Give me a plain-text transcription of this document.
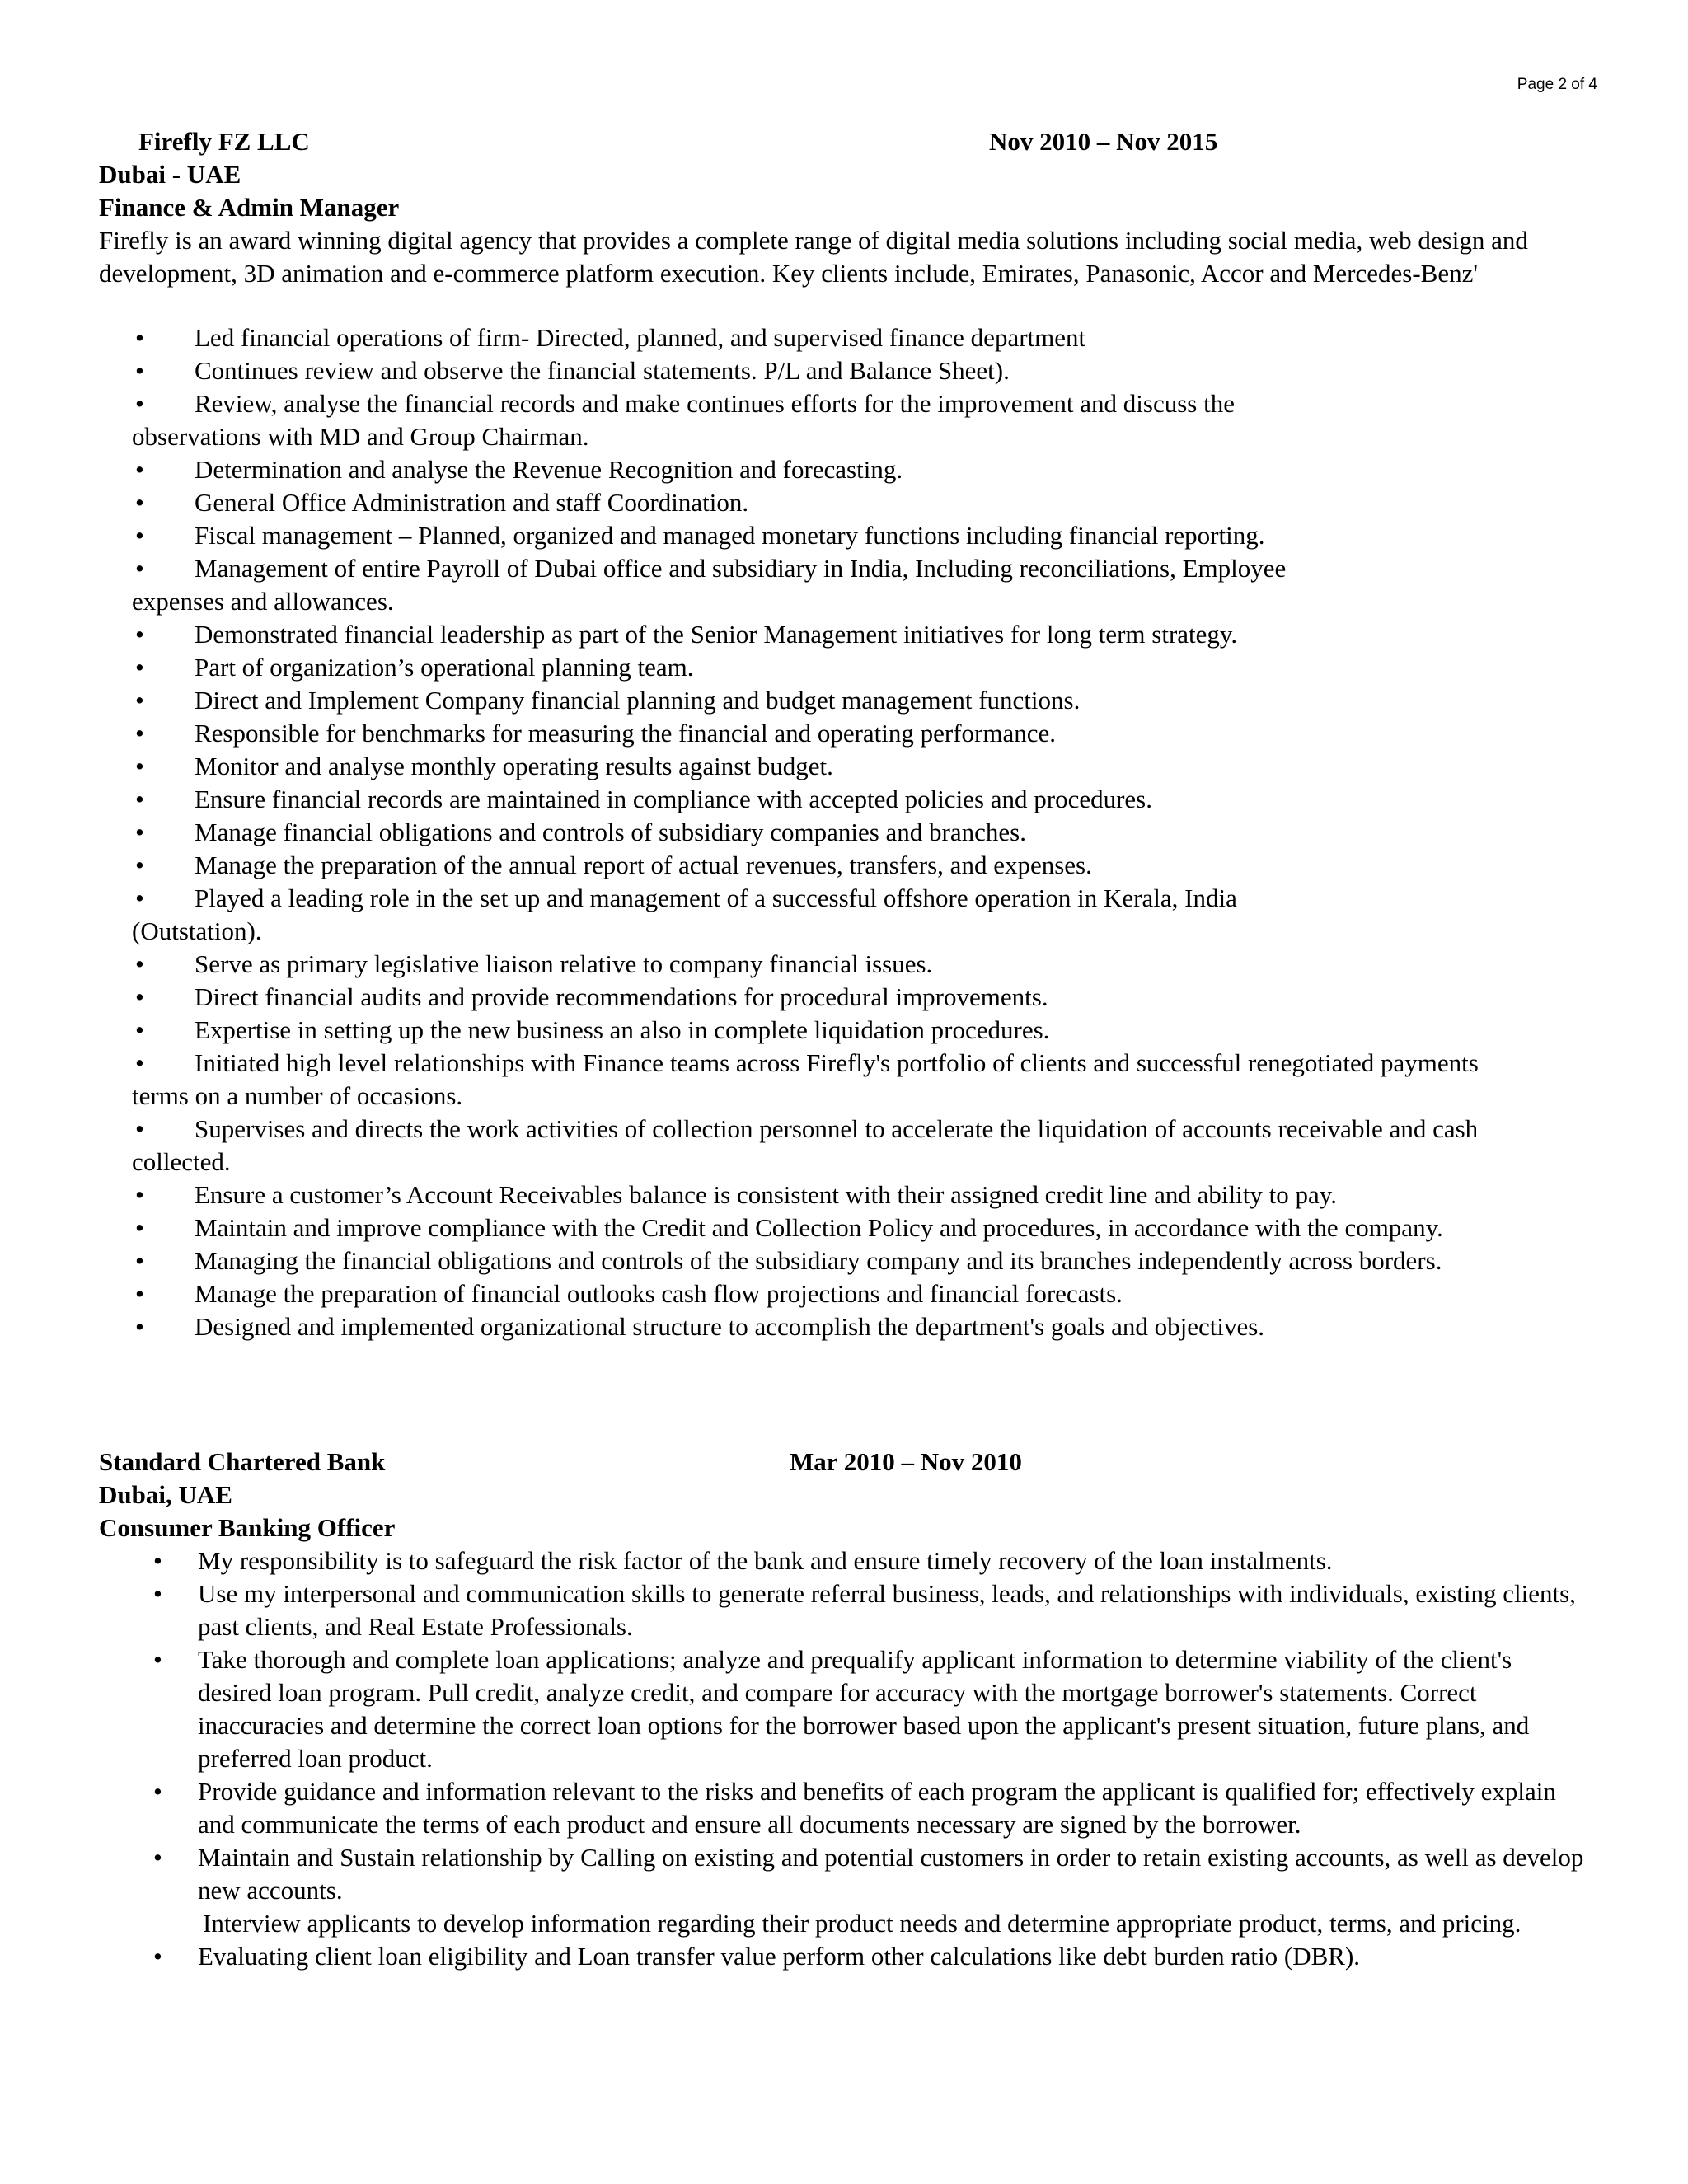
Page 2 of 4
Firefly FZ LLC	Nov 2010 – Nov 2015
Dubai - UAE
Finance & Admin Manager

Firefly is an award winning digital agency that provides a complete range of digital media solutions including social media, web design and development, 3D animation and e-commerce platform execution. Key clients include, Emirates, Panasonic, Accor and Mercedes-Benz'

• Led financial operations of firm- Directed, planned, and supervised finance department
• Continues review and observe the financial statements. P/L and Balance Sheet).
• Review, analyse the financial records and make continues efforts for the improvement and discuss the
observations with MD and Group Chairman.
• Determination and analyse the Revenue Recognition and forecasting.
• General Office Administration and staff Coordination.
• Fiscal management – Planned, organized and managed monetary functions including financial reporting.
• Management of entire Payroll of Dubai office and subsidiary in India, Including reconciliations, Employee
expenses and allowances.
• Demonstrated financial leadership as part of the Senior Management initiatives for long term strategy.
• Part of organization’s operational planning team.
• Direct and Implement Company financial planning and budget management functions.
• Responsible for benchmarks for measuring the financial and operating performance.
• Monitor and analyse monthly operating results against budget.
• Ensure financial records are maintained in compliance with accepted policies and procedures.
• Manage financial obligations and controls of subsidiary companies and branches.
• Manage the preparation of the annual report of actual revenues, transfers, and expenses.
• Played a leading role in the set up and management of a successful offshore operation in Kerala, India
(Outstation).
• Serve as primary legislative liaison relative to company financial issues.
• Direct financial audits and provide recommendations for procedural improvements.
• Expertise in setting up the new business an also in complete liquidation procedures.
• Initiated high level relationships with Finance teams across Firefly's portfolio of clients and successful renegotiated payments
terms on a number of occasions.
• Supervises and directs the work activities of collection personnel to accelerate the liquidation of accounts receivable and cash
collected.
• Ensure a customer’s Account Receivables balance is consistent with their assigned credit line and ability to pay.
• Maintain and improve compliance with the Credit and Collection Policy and procedures, in accordance with the company.
• Managing the financial obligations and controls of the subsidiary company and its branches independently across borders.
• Manage the preparation of financial outlooks cash flow projections and financial forecasts.
• Designed and implemented organizational structure to accomplish the department's goals and objectives.
Standard Chartered Bank	Mar 2010 – Nov 2010
Dubai, UAE
Consumer Banking Officer
• My responsibility is to safeguard the risk factor of the bank and ensure timely recovery of the loan instalments.
• Use my interpersonal and communication skills to generate referral business, leads, and relationships with individuals, existing clients, past clients, and Real Estate Professionals.
• Take thorough and complete loan applications; analyze and prequalify applicant information to determine viability of the client's desired loan program. Pull credit, analyze credit, and compare for accuracy with the mortgage borrower's statements. Correct inaccuracies and determine the correct loan options for the borrower based upon the applicant's present situation, future plans, and preferred loan product.
• Provide guidance and information relevant to the risks and benefits of each program the applicant is qualified for; effectively explain and communicate the terms of each product and ensure all documents necessary are signed by the borrower.
• Maintain and Sustain relationship by Calling on existing and potential customers in order to retain existing accounts, as well as develop new accounts.
Interview applicants to develop information regarding their product needs and determine appropriate product, terms, and pricing.
• Evaluating client loan eligibility and Loan transfer value perform other calculations like debt burden ratio (DBR).
